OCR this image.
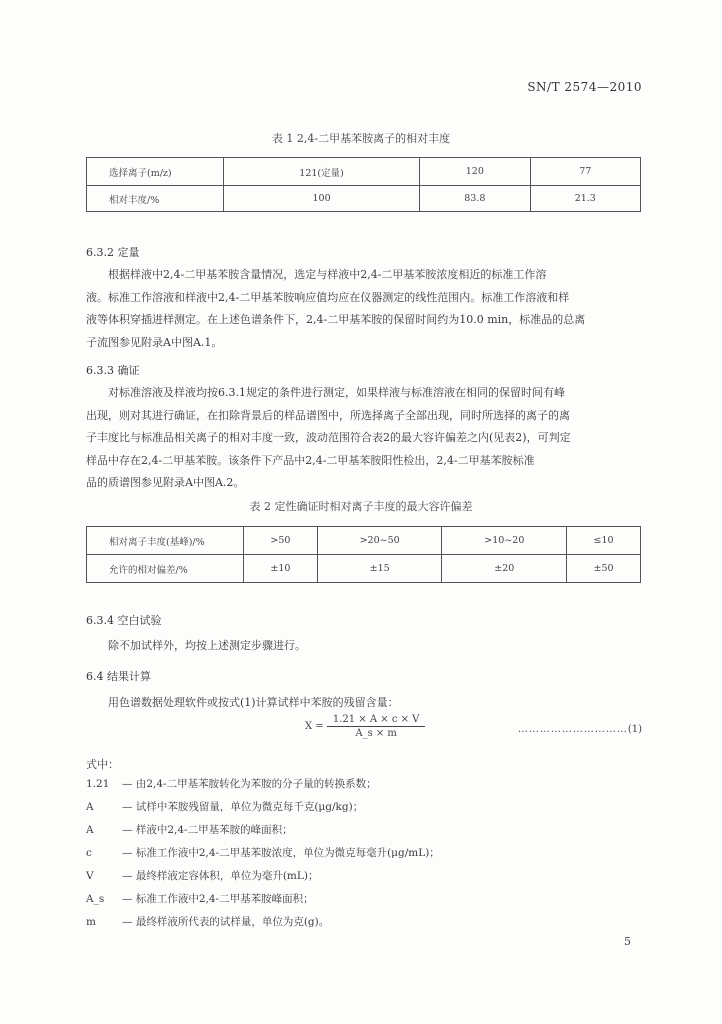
SN/T 2574—2010
表 1 2,4-二甲基苯胺离子的相对丰度
选择离子(m/z)	121(定量)	120	77
相对丰度/%	100	83.8	21.3
6.3.2 定量

根据样液中2,4-二甲基苯胺含量情况，选定与样液中2,4-二甲基苯胺浓度相近的标准工作溶

液。标准工作溶液和样液中2,4-二甲基苯胺响应值均应在仪器测定的线性范围内。标准工作溶液和样

液等体积穿插进样测定。在上述色谱条件下，2,4-二甲基苯胺的保留时间约为10.0 min，标准品的总离

子流图参见附录A中图A.1。

6.3.3 确证

对标准溶液及样液均按6.3.1规定的条件进行测定，如果样液与标准溶液在相同的保留时间有峰

出现，则对其进行确证，在扣除背景后的样品谱图中，所选择离子全部出现，同时所选择的离子的离

子丰度比与标准品相关离子的相对丰度一致，波动范围符合表2的最大容许偏差之内(见表2)，可判定

样品中存在2,4-二甲基苯胺。该条件下产品中2,4-二甲基苯胺阳性检出，2,4-二甲基苯胺标准

品的质谱图参见附录A中图A.2。

表 2 定性确证时相对离子丰度的最大容许偏差
相对离子丰度(基峰)/%	>50	>20~50	>10~20	≤10
允许的相对偏差/%	±10	±15	±20	±50
6.3.4 空白试验
除不加试样外，均按上述测定步骤进行。
6.4 结果计算
用色谱数据处理软件或按式(1)计算试样中苯胺的残留含量：
$X = \frac{1.21 \times A \times c \times V}{A\_s \times m}$	…………………………(1)
式中：
1.21 — 由2,4-二甲基苯胺转化为苯胺的分子量的转换系数；
A	— 试样中苯胺残留量，单位为微克每千克(μg/kg)；
A	— 样液中2,4-二甲基苯胺的峰面积；
c	— 标准工作液中2,4-二甲基苯胺浓度，单位为微克每毫升(μg/mL)；
V	— 最终样液定容体积，单位为毫升(mL)；
A_s — 标准工作液中2,4-二甲基苯胺峰面积；
m — 最终样液所代表的试样量，单位为克(g)。
5
